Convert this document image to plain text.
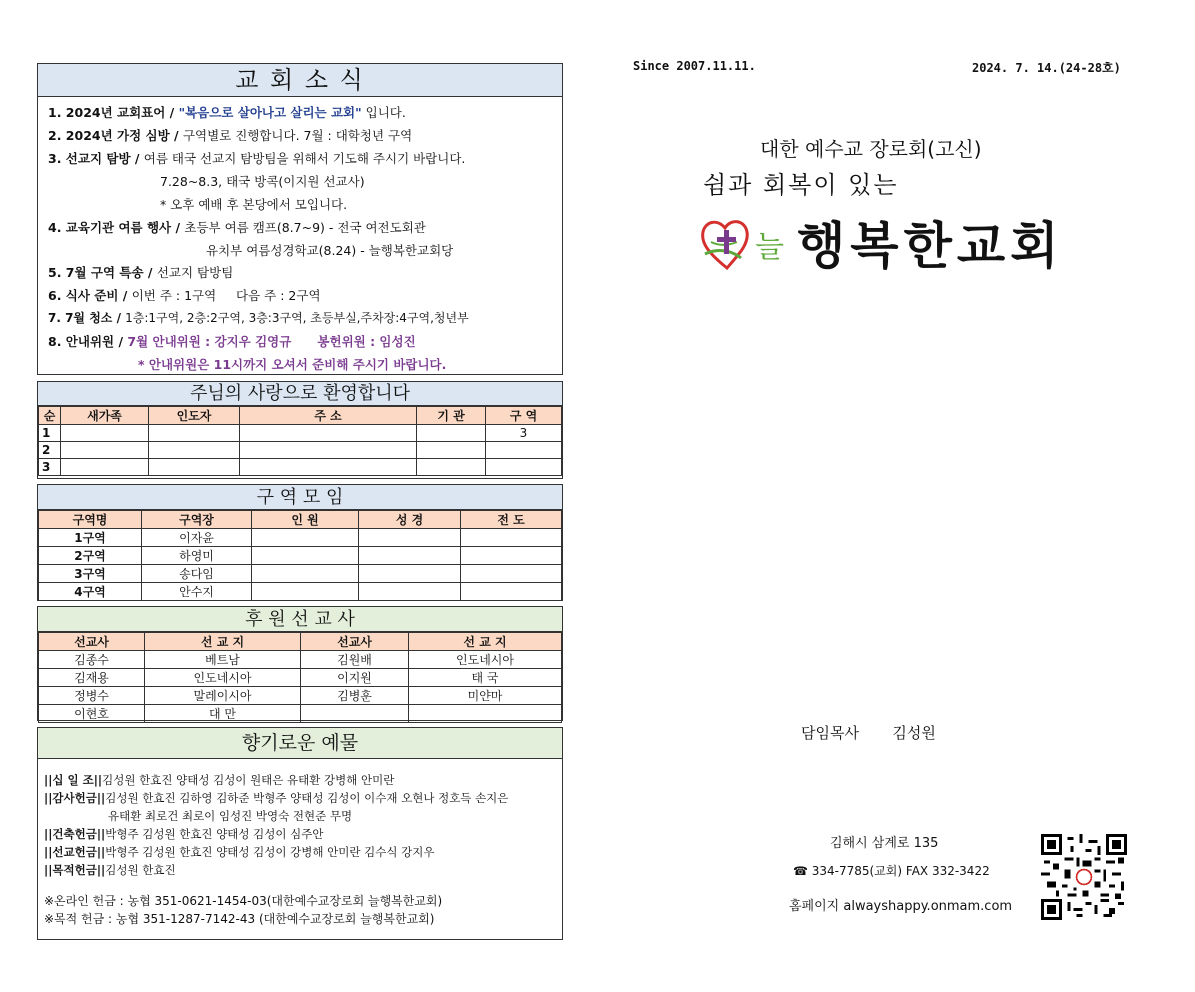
교 회 소 식
1. 2024년 교회표어 / "복음으로 살아나고 살리는 교회" 입니다.
2. 2024년 가정 심방 / 구역별로 진행합니다. 7월 : 대학청년 구역
3. 선교지 탐방 / 여름 태국 선교지 탐방팀을 위해서 기도해 주시기 바랍니다.
7.28~8.3, 태국 방콕(이지원 선교사)
* 오후 예배 후 본당에서 모입니다.
4. 교육기관 여름 행사 / 초등부 여름 캠프(8.7~9) - 전국 여전도회관
유치부 여름성경학교(8.24) - 늘행복한교회당
5. 7월 구역 특송 / 선교지 탐방팀
6. 식사 준비 / 이번 주 : 1구역     다음 주 : 2구역
7. 7월 청소 / 1층:1구역, 2층:2구역, 3층:3구역, 초등부실,주차장:4구역,청년부
8. 안내위원 / 7월 안내위원 : 강지우 김영규      봉헌위원 : 임성진
* 안내위원은 11시까지 오셔서 준비해 주시기 바랍니다.
주님의 사랑으로 환영합니다
순	새가족	인도자	주 소	기 관	구 역
1					3
2					
3					
구 역 모 임
구역명	구역장	인 원	성 경	전 도
1구역	이자윤			
2구역	하영미			
3구역	송다임			
4구역	안수지			
후 원 선 교 사
선교사	선 교 지	선교사	선 교 지
김종수	베트남	김원배	인도네시아
김재용	인도네시아	이지원	태 국
정병수	말레이시아	김병훈	미얀마
이현호	대 만		
향기로운 예물
||십 일 조||김성원 한효진 양태성 김성이 원태은 유태환 강병해 안미란
||감사헌금||김성원 한효진 김하영 김하준 박형주 양태성 김성이 이수재 오현나 정호득 손지은
유태환 최로건 최로이 임성진 박영숙 전현준 무명
||건축헌금||박형주 김성원 한효진 양태성 김성이 심주안
||선교헌금||박형주 김성원 한효진 양태성 김성이 강병해 안미란 김수식 강지우
||목적헌금||김성원 한효진
※온라인 헌금 : 농협 351-0621-1454-03(대한예수교장로회 늘행복한교회)
※목적 헌금 : 농협 351-1287-7142-43 (대한예수교장로회 늘행복한교회)
Since 2007.11.11.	2024. 7. 14.(24-28호)
대한 예수교 장로회(고신)
쉼과 회복이 있는
늘 행복한교회
담임목사       김성원
김해시 삼계로 135
☎ 334-7785(교회) FAX 332-3422
홈페이지 alwayshappy.onmam.com
